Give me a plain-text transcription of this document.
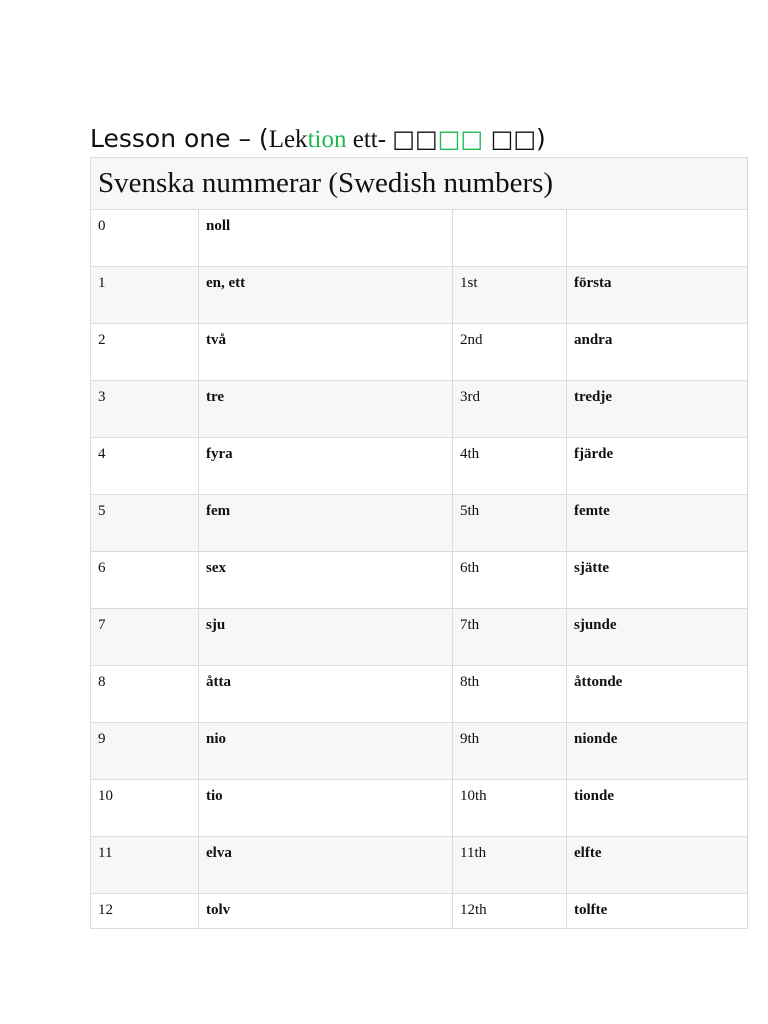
Lesson one – (Lektion ett- □□□□ □□)
Svenska nummerar (Swedish numbers)			
0	noll		
1	en, ett	1st	första
2	två	2nd	andra
3	tre	3rd	tredje
4	fyra	4th	fjärde
5	fem	5th	femte
6	sex	6th	sjätte
7	sju	7th	sjunde
8	åtta	8th	åttonde
9	nio	9th	nionde
10	tio	10th	tionde
11	elva	11th	elfte
12	tolv	12th	tolfte
